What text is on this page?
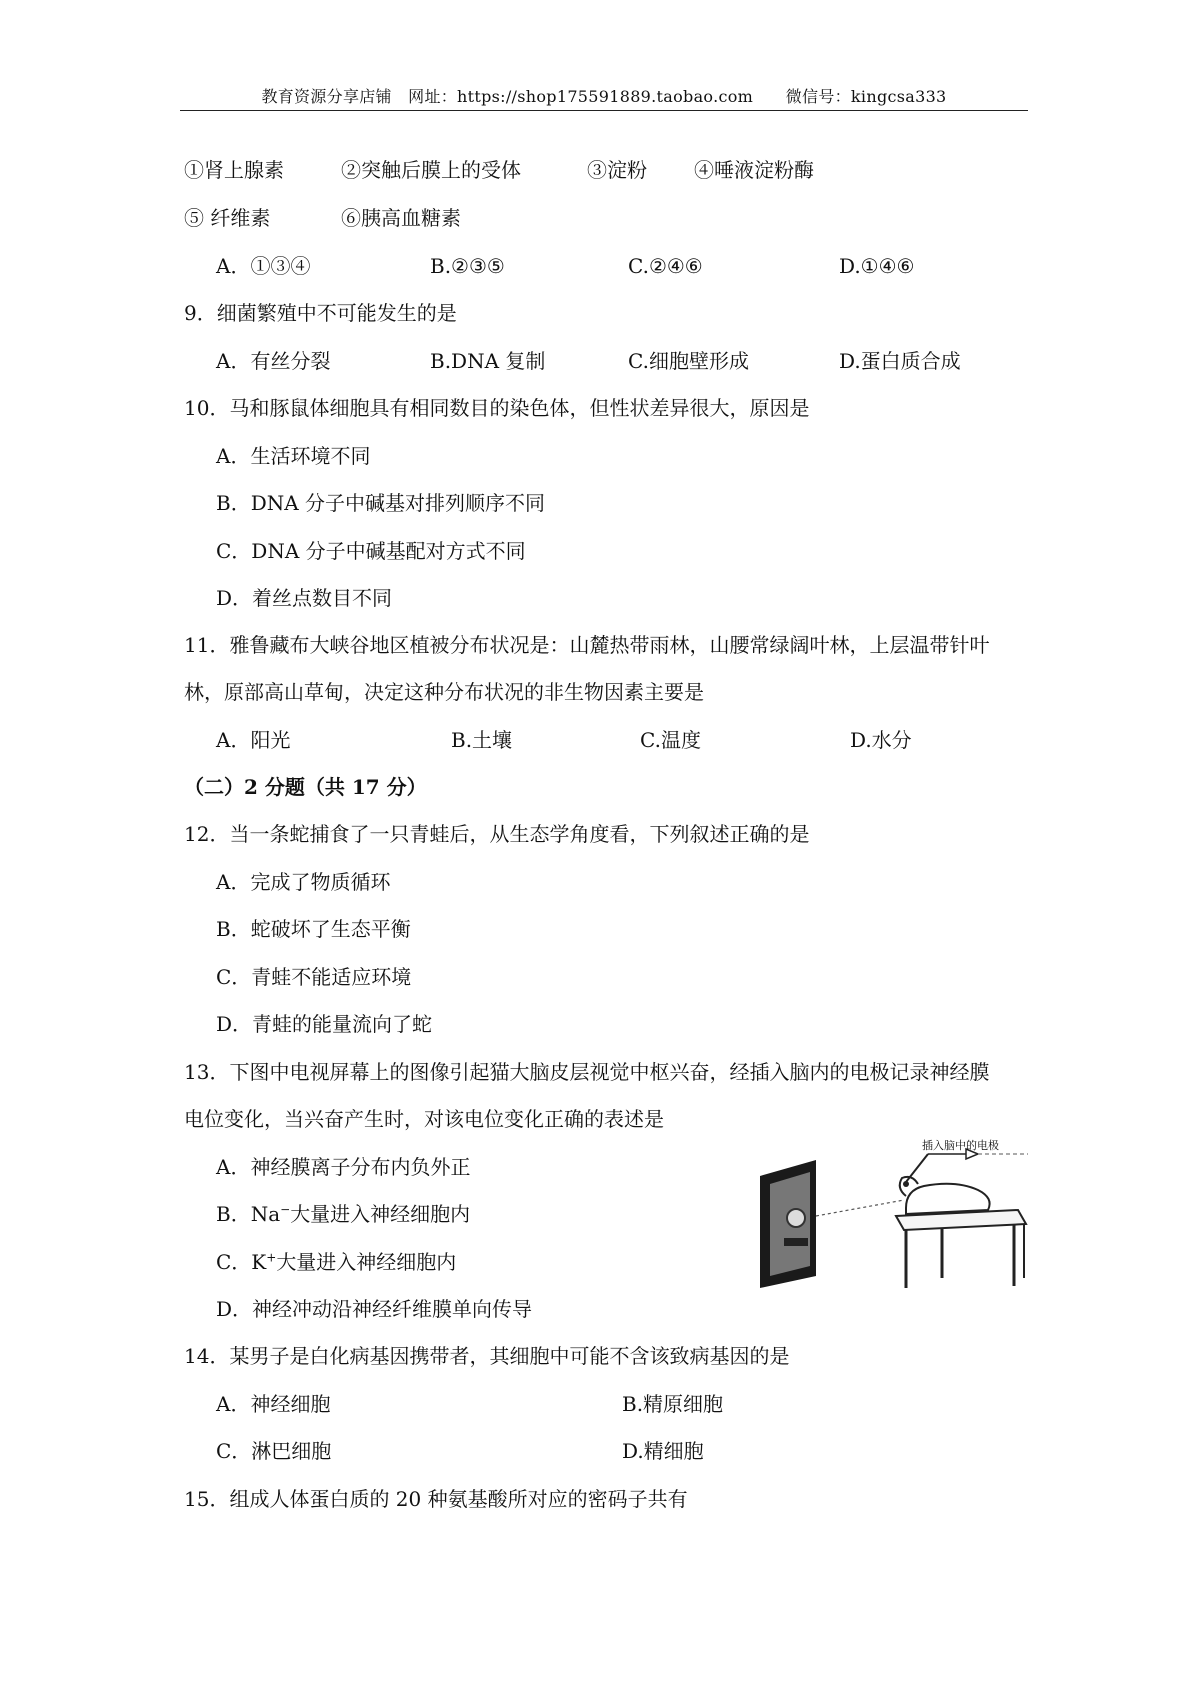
教育资源分享店铺　网址：https://shop175591889.taobao.com　　微信号：kingcsa333
①肾上腺素	②突触后膜上的受体	③淀粉 ④唾液淀粉酶
⑤ 纤维素	⑥胰高血糖素
A．①③④	B.②③⑤	C.②④⑥	D.①④⑥
9．细菌繁殖中不可能发生的是
A．有丝分裂	B.DNA 复制	C.细胞壁形成	D.蛋白质合成
10．马和豚鼠体细胞具有相同数目的染色体，但性状差异很大，原因是
A．生活环境不同
B．DNA 分子中碱基对排列顺序不同
C．DNA 分子中碱基配对方式不同
D．着丝点数目不同
11．雅鲁藏布大峡谷地区植被分布状况是：山麓热带雨林，山腰常绿阔叶林，上层温带针叶
林，原部高山草甸，决定这种分布状况的非生物因素主要是
A．阳光	B.土壤	C.温度	D.水分
（二）2 分题（共 17 分）
12．当一条蛇捕食了一只青蛙后，从生态学角度看，下列叙述正确的是
A．完成了物质循环
B．蛇破坏了生态平衡
C．青蛙不能适应环境
D．青蛙的能量流向了蛇
13．下图中电视屏幕上的图像引起猫大脑皮层视觉中枢兴奋，经插入脑内的电极记录神经膜
电位变化，当兴奋产生时，对该电位变化正确的表述是
A．神经膜离子分布内负外正
B．Na−大量进入神经细胞内
C．K+大量进入神经细胞内
D．神经冲动沿神经纤维膜单向传导
插入脑中的电极
14．某男子是白化病基因携带者，其细胞中可能不含该致病基因的是
A．神经细胞	B.精原细胞
C．淋巴细胞	D.精细胞
15．组成人体蛋白质的 20 种氨基酸所对应的密码子共有
